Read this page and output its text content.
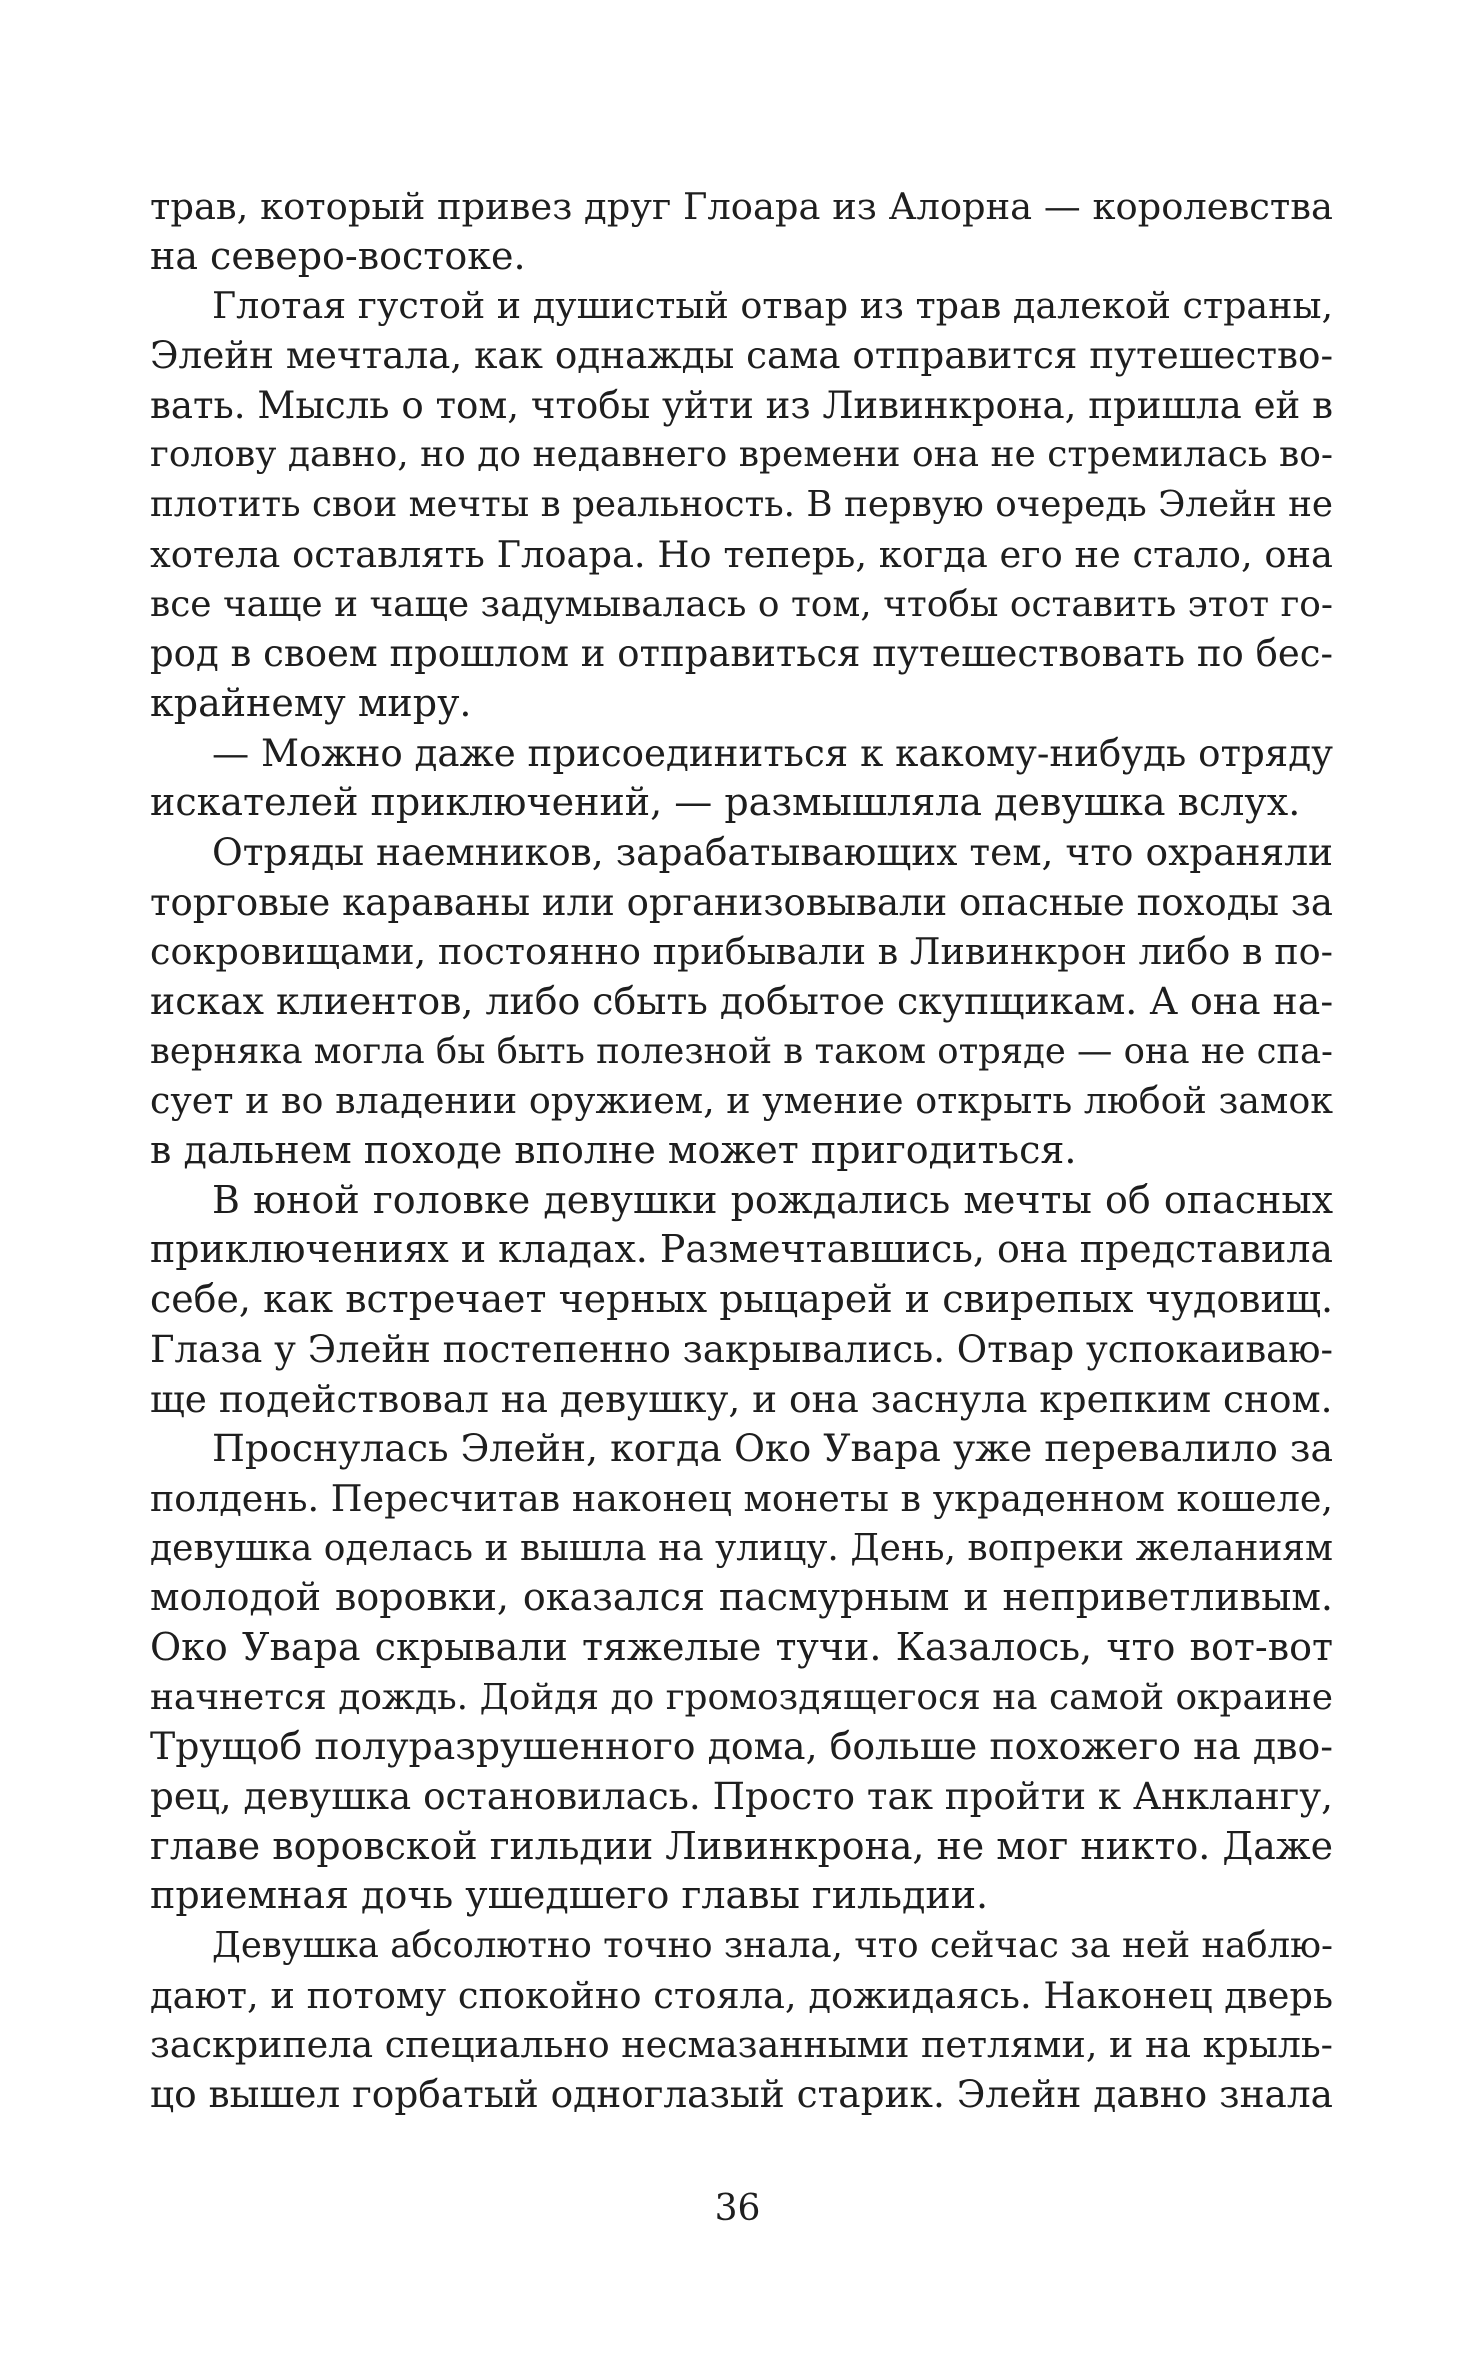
трав, который привез друг Глоара из Алорна — королевства
на северо-востоке.
Глотая густой и душистый отвар из трав далекой страны,
Элейн мечтала, как однажды сама отправится путешество-
вать. Мысль о том, чтобы уйти из Ливинкрона, пришла ей в
голову давно, но до недавнего времени она не стремилась во-
плотить свои мечты в реальность. В первую очередь Элейн не
хотела оставлять Глоара. Но теперь, когда его не стало, она
все чаще и чаще задумывалась о том, чтобы оставить этот го-
род в своем прошлом и отправиться путешествовать по бес-
крайнему миру.
— Можно даже присоединиться к какому-нибудь отряду
искателей приключений, — размышляла девушка вслух.
Отряды наемников, зарабатывающих тем, что охраняли
торговые караваны или организовывали опасные походы за
сокровищами, постоянно прибывали в Ливинкрон либо в по-
исках клиентов, либо сбыть добытое скупщикам. А она на-
верняка могла бы быть полезной в таком отряде — она не спа-
сует и во владении оружием, и умение открыть любой замок
в дальнем походе вполне может пригодиться.
В юной головке девушки рождались мечты об опасных
приключениях и кладах. Размечтавшись, она представила
себе, как встречает черных рыцарей и свирепых чудовищ.
Глаза у Элейн постепенно закрывались. Отвар успокаиваю-
ще подействовал на девушку, и она заснула крепким сном.
Проснулась Элейн, когда Око Увара уже перевалило за
полдень. Пересчитав наконец монеты в украденном кошеле,
девушка оделась и вышла на улицу. День, вопреки желаниям
молодой воровки, оказался пасмурным и неприветливым.
Око Увара скрывали тяжелые тучи. Казалось, что вот-вот
начнется дождь. Дойдя до громоздящегося на самой окраине
Трущоб полуразрушенного дома, больше похожего на дво-
рец, девушка остановилась. Просто так пройти к Анклангу,
главе воровской гильдии Ливинкрона, не мог никто. Даже
приемная дочь ушедшего главы гильдии.
Девушка абсолютно точно знала, что сейчас за ней наблю-
дают, и потому спокойно стояла, дожидаясь. Наконец дверь
заскрипела специально несмазанными петлями, и на крыль-
цо вышел горбатый одноглазый старик. Элейн давно знала
36
